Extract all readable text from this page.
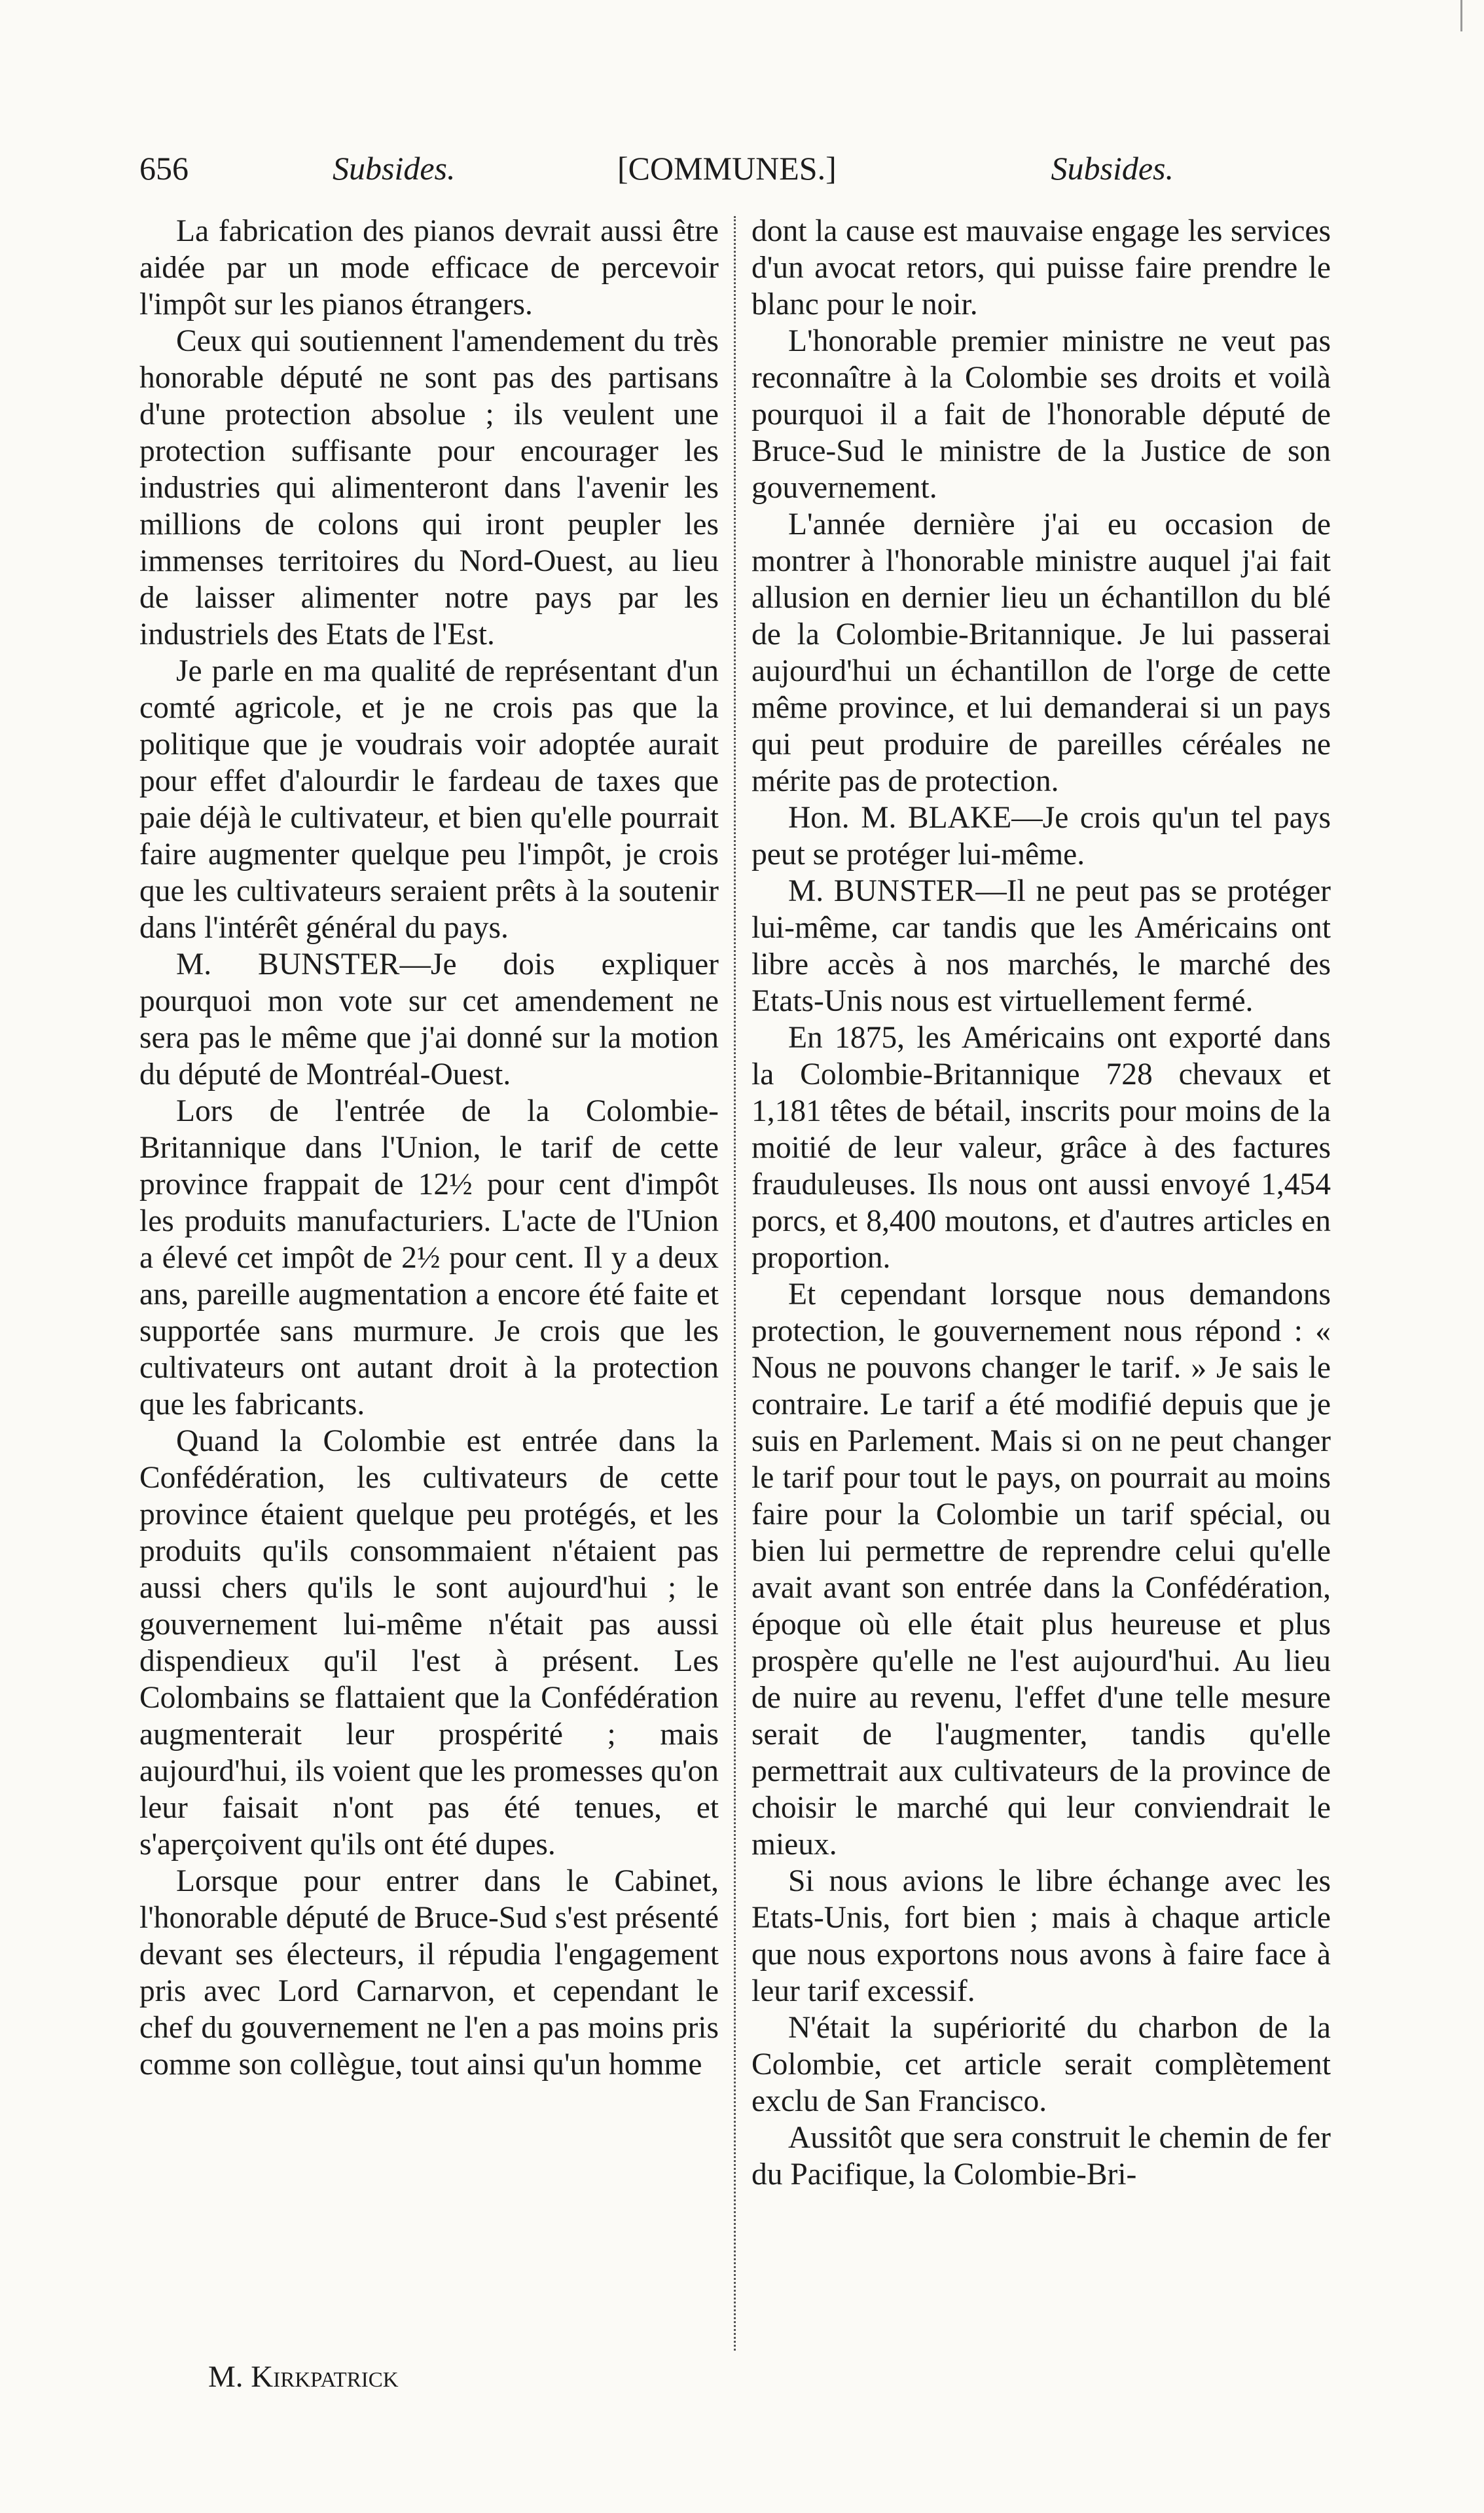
656	Subsides.	[COMMUNES.]	Subsides.

La fabrication des pianos devrait aussi être aidée par un mode efficace de percevoir l'impôt sur les pianos étrangers.

Ceux qui soutiennent l'amendement du très honorable député ne sont pas des partisans d'une protection absolue ; ils veulent une protection suffisante pour encourager les industries qui alimenteront dans l'avenir les millions de colons qui iront peupler les immenses territoires du Nord-Ouest, au lieu de laisser alimenter notre pays par les industriels des Etats de l'Est.

Je parle en ma qualité de représentant d'un comté agricole, et je ne crois pas que la politique que je voudrais voir adoptée aurait pour effet d'alourdir le fardeau de taxes que paie déjà le cultivateur, et bien qu'elle pourrait faire augmenter quelque peu l'impôt, je crois que les cultivateurs seraient prêts à la soutenir dans l'intérêt général du pays.

M. BUNSTER—Je dois expliquer pourquoi mon vote sur cet amendement ne sera pas le même que j'ai donné sur la motion du député de Montréal-Ouest.

Lors de l'entrée de la Colombie-Britannique dans l'Union, le tarif de cette province frappait de 12½ pour cent d'impôt les produits manufacturiers. L'acte de l'Union a élevé cet impôt de 2½ pour cent. Il y a deux ans, pareille augmentation a encore été faite et supportée sans murmure. Je crois que les cultivateurs ont autant droit à la protection que les fabricants.

Quand la Colombie est entrée dans la Confédération, les cultivateurs de cette province étaient quelque peu protégés, et les produits qu'ils consommaient n'étaient pas aussi chers qu'ils le sont aujourd'hui ; le gouvernement lui-même n'était pas aussi dispendieux qu'il l'est à présent. Les Colombains se flattaient que la Confédération augmenterait leur prospérité ; mais aujourd'hui, ils voient que les promesses qu'on leur faisait n'ont pas été tenues, et s'aperçoivent qu'ils ont été dupes.

Lorsque pour entrer dans le Cabinet, l'honorable député de Bruce-Sud s'est présenté devant ses électeurs, il répudia l'engagement pris avec Lord Carnarvon, et cependant le chef du gouvernement ne l'en a pas moins pris comme son collègue, tout ainsi qu'un homme

dont la cause est mauvaise engage les services d'un avocat retors, qui puisse faire prendre le blanc pour le noir.

L'honorable premier ministre ne veut pas reconnaître à la Colombie ses droits et voilà pourquoi il a fait de l'honorable député de Bruce-Sud le ministre de la Justice de son gouvernement.

L'année dernière j'ai eu occasion de montrer à l'honorable ministre auquel j'ai fait allusion en dernier lieu un échantillon du blé de la Colombie-Britannique. Je lui passerai aujourd'hui un échantillon de l'orge de cette même province, et lui demanderai si un pays qui peut produire de pareilles céréales ne mérite pas de protection.

Hon. M. BLAKE—Je crois qu'un tel pays peut se protéger lui-même.

M. BUNSTER—Il ne peut pas se protéger lui-même, car tandis que les Américains ont libre accès à nos marchés, le marché des Etats-Unis nous est virtuellement fermé.

En 1875, les Américains ont exporté dans la Colombie-Britannique 728 chevaux et 1,181 têtes de bétail, inscrits pour moins de la moitié de leur valeur, grâce à des factures frauduleuses. Ils nous ont aussi envoyé 1,454 porcs, et 8,400 moutons, et d'autres articles en proportion.

Et cependant lorsque nous demandons protection, le gouvernement nous répond : « Nous ne pouvons changer le tarif. » Je sais le contraire. Le tarif a été modifié depuis que je suis en Parlement. Mais si on ne peut changer le tarif pour tout le pays, on pourrait au moins faire pour la Colombie un tarif spécial, ou bien lui permettre de reprendre celui qu'elle avait avant son entrée dans la Confédération, époque où elle était plus heureuse et plus prospère qu'elle ne l'est aujourd'hui. Au lieu de nuire au revenu, l'effet d'une telle mesure serait de l'augmenter, tandis qu'elle permettrait aux cultivateurs de la province de choisir le marché qui leur conviendrait le mieux.

Si nous avions le libre échange avec les Etats-Unis, fort bien ; mais à chaque article que nous exportons nous avons à faire face à leur tarif excessif.

N'était la supériorité du charbon de la Colombie, cet article serait complètement exclu de San Francisco.

Aussitôt que sera construit le chemin de fer du Pacifique, la Colombie-Bri-

M. Kirkpatrick
